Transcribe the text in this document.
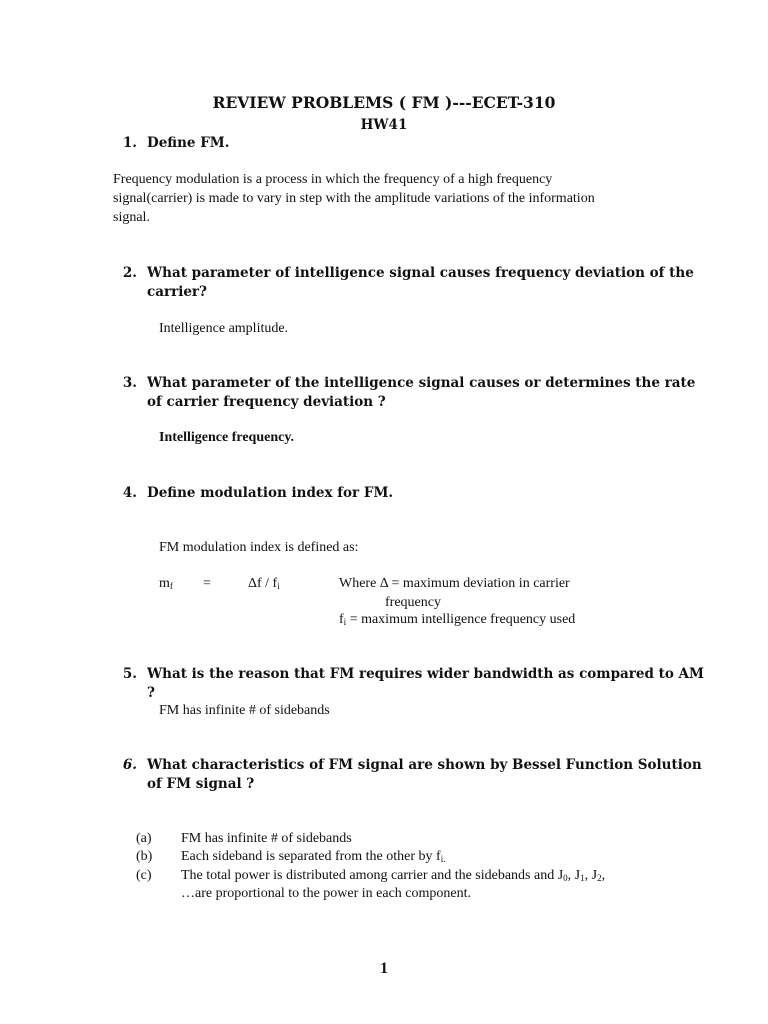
REVIEW PROBLEMS ( FM )---ECET-310
HW41
1. Define FM.
Frequency modulation is a process in which the frequency of a high frequency
signal(carrier) is made to vary in step with the amplitude variations of the information
signal.
2. What parameter of intelligence signal causes frequency deviation of the
carrier?
Intelligence amplitude.
3. What parameter of the intelligence signal causes or determines the rate
of carrier frequency deviation ?
Intelligence frequency.
4. Define modulation index for FM.
FM modulation index is defined as:
$m_f$ =	Δf / $f_i$	Where Δ = maximum deviation in carrier
frequency
$f_i$ = maximum intelligence frequency used
5. What is the reason that FM requires wider bandwidth as compared to AM
?
FM has infinite # of sidebands
6. What characteristics of FM signal are shown by Bessel Function Solution
of FM signal ?
(a) FM has infinite # of sidebands
(b) Each sideband is separated from the other by $f_{i.}$
(c) The total power is distributed among carrier and the sidebands and $J_0$, $J_1$, $J_2$,
…are proportional to the power in each component.
1
